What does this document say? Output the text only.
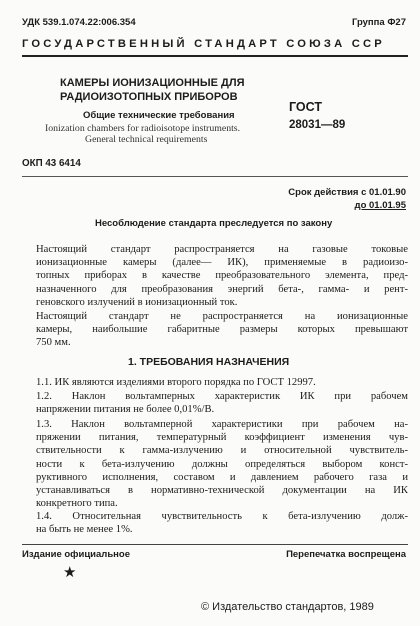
УДК 539.1.074.22:006.354	Группа Ф27
ГОСУДАРСТВЕННЫЙ СТАНДАРТ СОЮЗА ССР
КАМЕРЫ ИОНИЗАЦИОННЫЕ ДЛЯ
РАДИОИЗОТОПНЫХ ПРИБОРОВ
Общие технические требования
Ionization chambers for radioisotope instruments.
General technical requirements
ГОСТ
28031—89
ОКП 43 6414
Срок действия с 01.01.90
до 01.01.95
Несоблюдение стандарта преследуется по закону
Настоящий стандарт распространяется на газовые токовые
ионизационные камеры (далее— ИК), применяемые в радиоизо-
топных приборах в качестве преобразовательного элемента, пред-
назначенного для преобразования энергий бета-, гамма- и рент-
геновского излучений в ионизационный ток.
Настоящий стандарт не распространяется на ионизационные
камеры, наибольшие габаритные размеры которых превышают
750 мм.
1. ТРЕБОВАНИЯ НАЗНАЧЕНИЯ
1.1. ИК являются изделиями второго порядка по ГОСТ 12997.
1.2. Наклон вольтамперных характеристик ИК при рабочем
напряжении питания не более 0,01%/В.
1.3. Наклон вольтамперной характеристики при рабочем на-
пряжении питания, температурный коэффициент изменения чув-
ствительности к гамма-излучению и относительной чувствитель-
ности к бета-излучению должны определяться выбором конст-
руктивного исполнения, составом и давлением рабочего газа и
устанавливаться в нормативно-технической документации на ИК
конкретного типа.
1.4. Относительная чувствительность к бета-излучению долж-
на быть не менее 1%.
Издание официальное	Перепечатка воспрещена
★
© Издательство стандартов, 1989
